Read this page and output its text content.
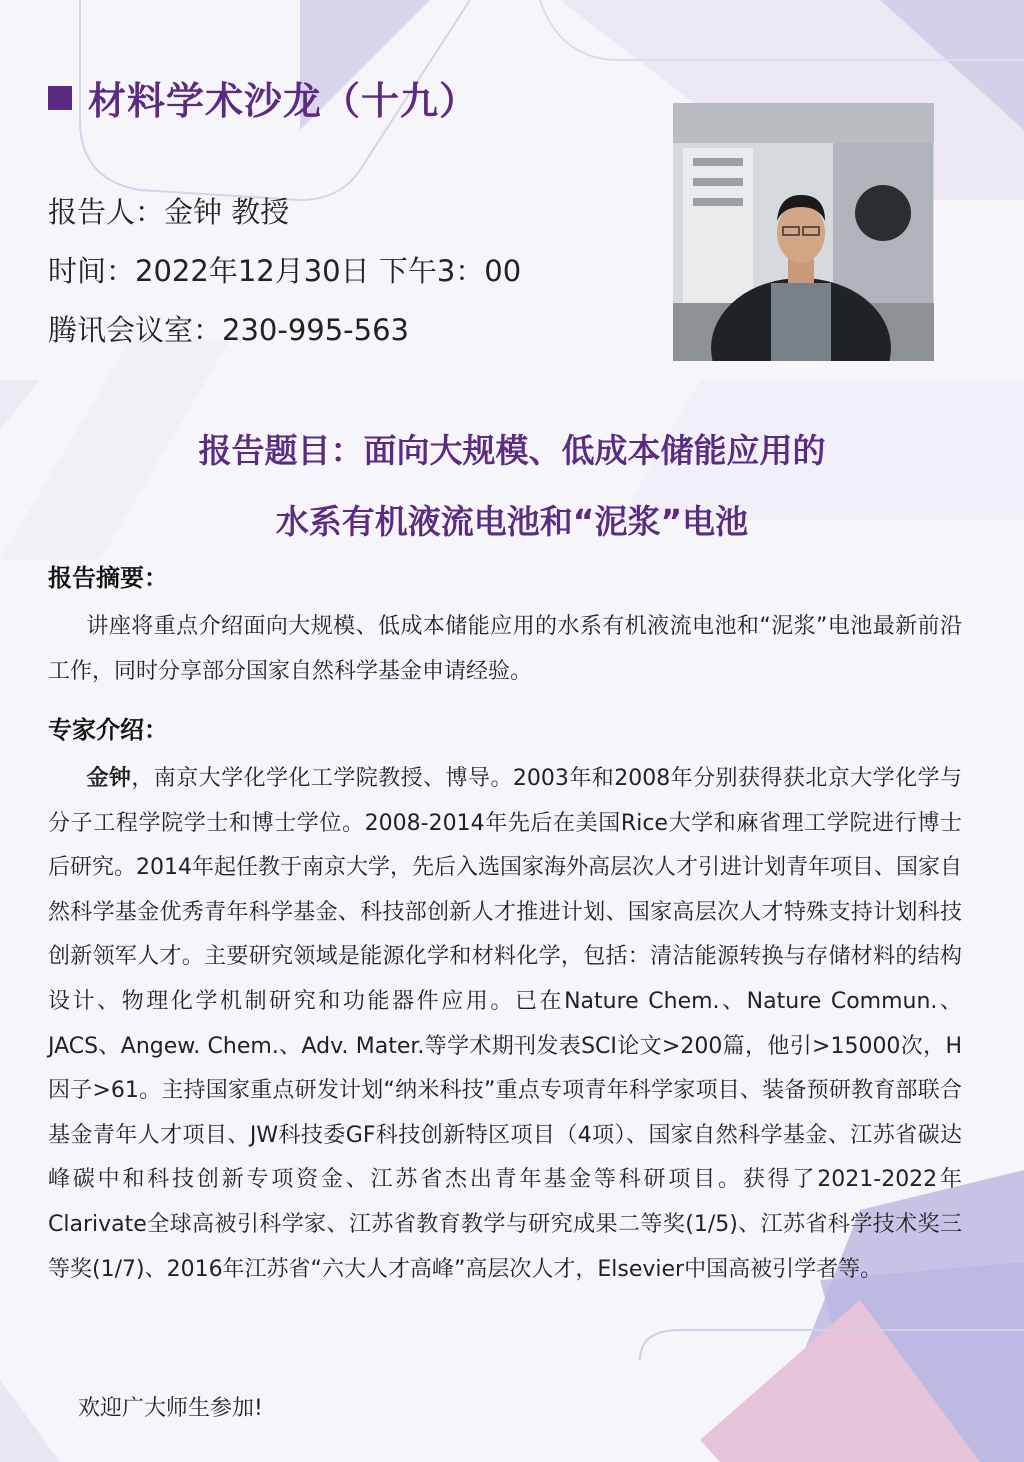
材料学术沙龙（十九）
报告人：金钟 教授
时间：2022年12月30日 下午3：00
腾讯会议室：230-995-563
报告题目：面向大规模、低成本储能应用的
水系有机液流电池和“泥浆”电池
报告摘要：
讲座将重点介绍面向大规模、低成本储能应用的水系有机液流电池和“泥浆”电池最新前沿工作，同时分享部分国家自然科学基金申请经验。
专家介绍：
金钟，南京大学化学化工学院教授、博导。2003年和2008年分别获得获北京大学化学与分子工程学院学士和博士学位。2008-2014年先后在美国Rice大学和麻省理工学院进行博士后研究。2014年起任教于南京大学，先后入选国家海外高层次人才引进计划青年项目、国家自然科学基金优秀青年科学基金、科技部创新人才推进计划、国家高层次人才特殊支持计划科技创新领军人才。主要研究领域是能源化学和材料化学，包括：清洁能源转换与存储材料的结构设计、物理化学机制研究和功能器件应用。已在Nature Chem.、Nature Commun.、JACS、Angew. Chem.、Adv. Mater.等学术期刊发表SCI论文>200篇，他引>15000次，H因子>61。主持国家重点研发计划“纳米科技”重点专项青年科学家项目、装备预研教育部联合基金青年人才项目、JW科技委GF科技创新特区项目（4项）、国家自然科学基金、江苏省碳达峰碳中和科技创新专项资金、江苏省杰出青年基金等科研项目。获得了2021-2022年Clarivate全球高被引科学家、江苏省教育教学与研究成果二等奖(1/5)、江苏省科学技术奖三等奖(1/7)、2016年江苏省“六大人才高峰”高层次人才，Elsevier中国高被引学者等。
欢迎广大师生参加!
